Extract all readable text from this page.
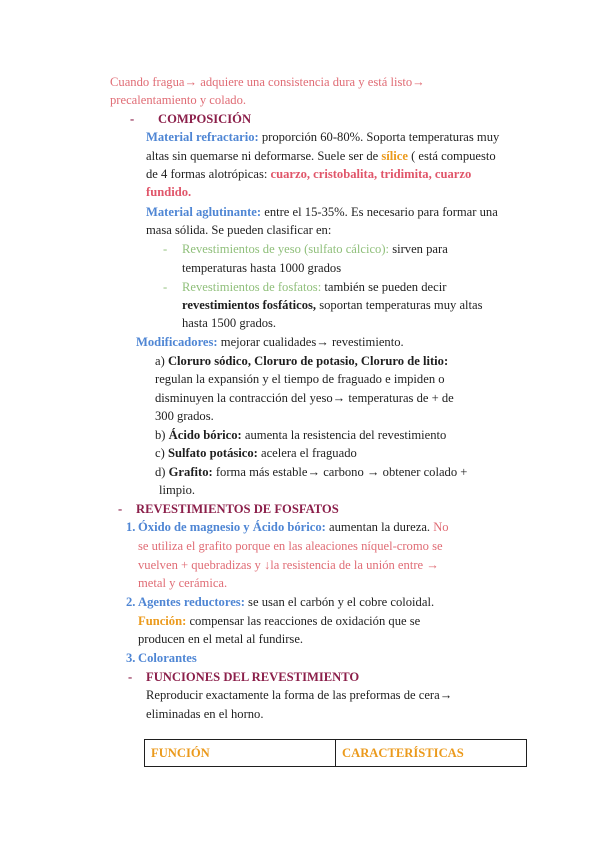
Cuando fragua→ adquiere una consistencia dura y está listo→
precalentamiento y colado.
- COMPOSICIÓN
Material refractario: proporción 60-80%. Soporta temperaturas muy
altas sin quemarse ni deformarse. Suele ser de sílice ( está compuesto
de 4 formas alotrópicas: cuarzo, cristobalita, tridimita, cuarzo
fundido.
Material aglutinante: entre el 15-35%. Es necesario para formar una
masa sólida. Se pueden clasificar en:
- Revestimientos de yeso (sulfato cálcico): sirven para
temperaturas hasta 1000 grados
- Revestimientos de fosfatos: también se pueden decir
revestimientos fosfáticos, soportan temperaturas muy altas
hasta 1500 grados.
Modificadores: mejorar cualidades→ revestimiento.
a) Cloruro sódico, Cloruro de potasio, Cloruro de litio:
regulan la expansión y el tiempo de fraguado e impiden o
disminuyen la contracción del yeso→ temperaturas de + de
300 grados.
b) Ácido bórico: aumenta la resistencia del revestimiento
c) Sulfato potásico: acelera el fraguado
d) Grafito: forma más estable→ carbono → obtener colado +
limpio.
- REVESTIMIENTOS DE FOSFATOS
1. Óxido de magnesio y Ácido bórico: aumentan la dureza. No
se utiliza el grafito porque en las aleaciones níquel-cromo se
vuelven + quebradizas y ↓la resistencia de la unión entre →
metal y cerámica.
2. Agentes reductores: se usan el carbón y el cobre coloidal.
Función: compensar las reacciones de oxidación que se
producen en el metal al fundirse.
3. Colorantes
- FUNCIONES DEL REVESTIMIENTO
Reproducir exactamente la forma de las preformas de cera→
eliminadas en el horno.
FUNCIÓN	CARACTERÍSTICAS
